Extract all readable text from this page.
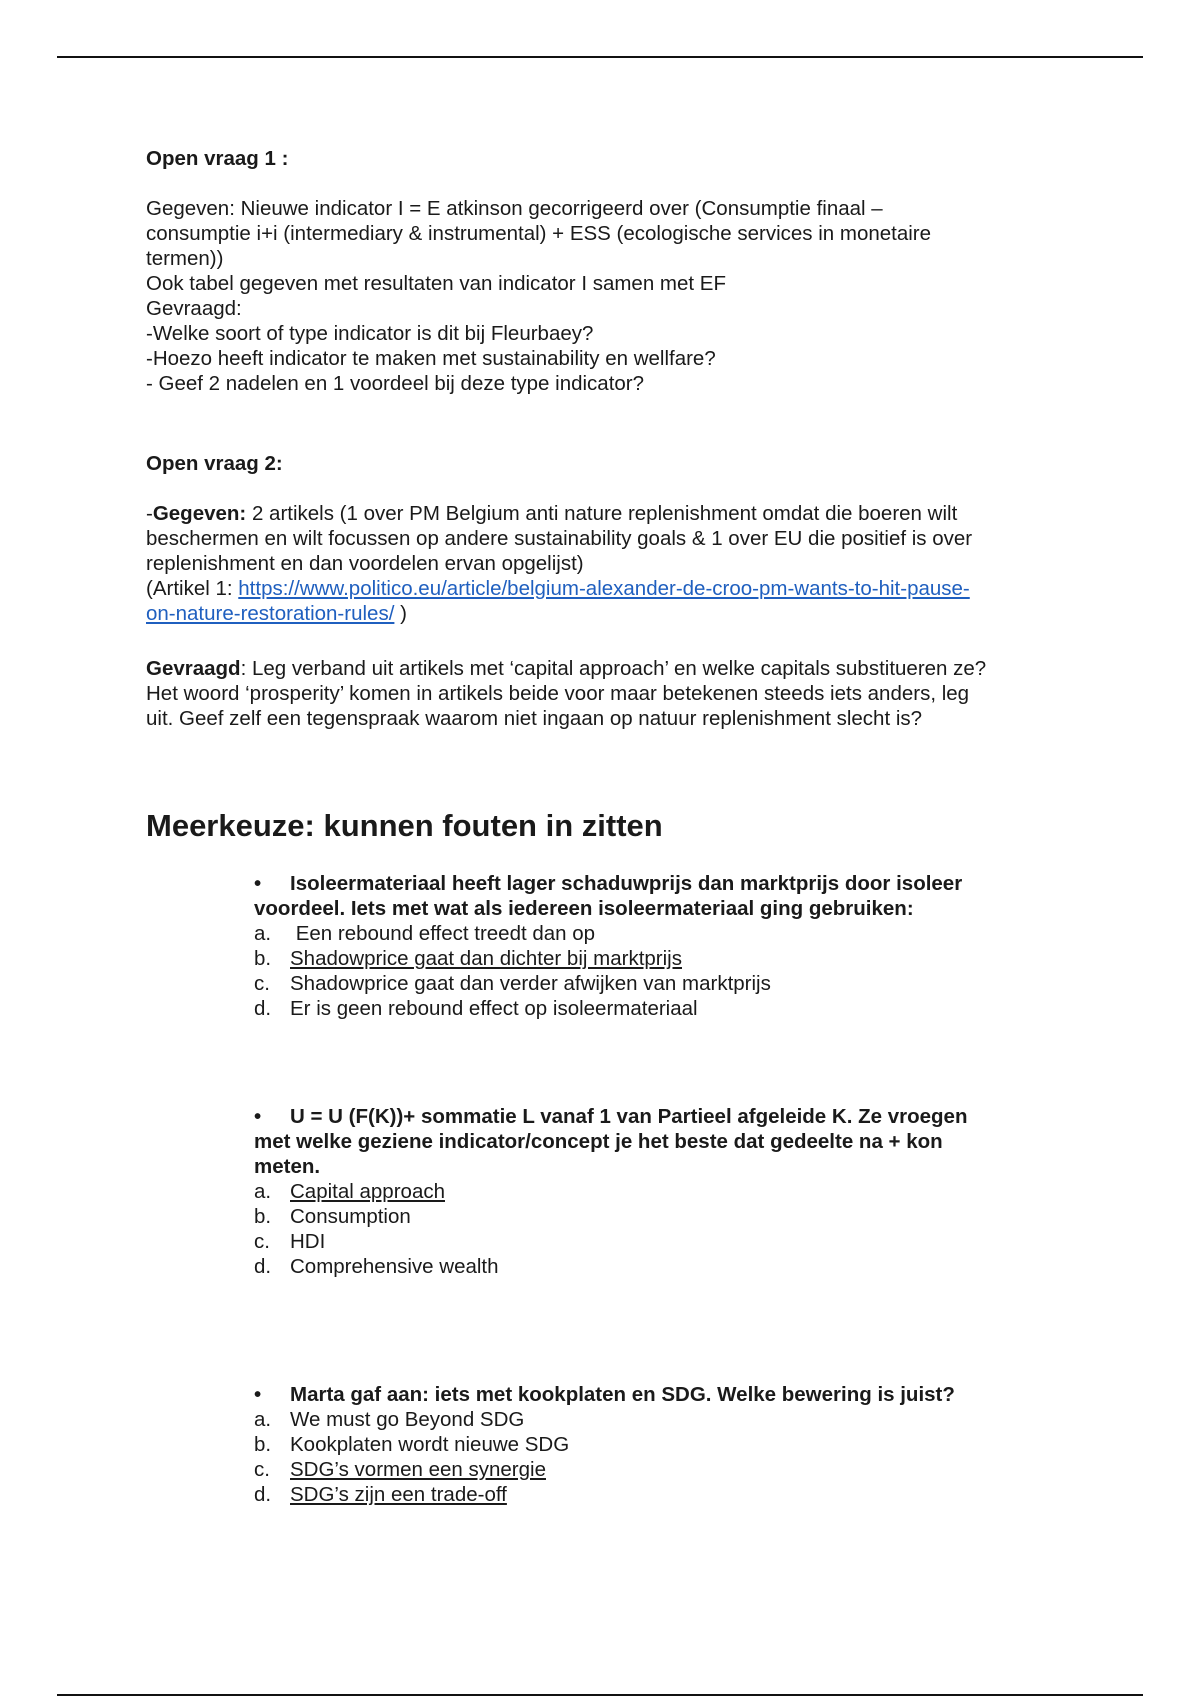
Open vraag 1 :

Gegeven: Nieuwe indicator I = E atkinson gecorrigeerd over (Consumptie finaal –

consumptie i+i (intermediary & instrumental) + ESS (ecologische services in monetaire

termen))

Ook tabel gegeven met resultaten van indicator I samen met EF

Gevraagd:

-Welke soort of type indicator is dit bij Fleurbaey?

-Hoezo heeft indicator te maken met sustainability en wellfare?

- Geef 2 nadelen en 1 voordeel bij deze type indicator?

Open vraag 2:

-Gegeven: 2 artikels (1 over PM Belgium anti nature replenishment omdat die boeren wilt

beschermen en wilt focussen op andere sustainability goals & 1 over EU die positief is over

replenishment en dan voordelen ervan opgelijst)

(Artikel 1: https://www.politico.eu/article/belgium-alexander-de-croo-pm-wants-to-hit-pause-

on-nature-restoration-rules/ )

Gevraagd: Leg verband uit artikels met ‘capital approach’ en welke capitals substitueren ze?

Het woord ‘prosperity’ komen in artikels beide voor maar betekenen steeds iets anders, leg

uit. Geef zelf een tegenspraak waarom niet ingaan op natuur replenishment slecht is?

Meerkeuze: kunnen fouten in zitten

• Isoleermateriaal heeft lager schaduwprijs dan marktprijs door isoleer

voordeel. Iets met wat als iedereen isoleermateriaal ging gebruiken:

a. Een rebound effect treedt dan op
b. Shadowprice gaat dan dichter bij marktprijs
c. Shadowprice gaat dan verder afwijken van marktprijs
d. Er is geen rebound effect op isoleermateriaal

• U = U (F(K))+ sommatie L vanaf 1 van Partieel afgeleide K. Ze vroegen

met welke geziene indicator/concept je het beste dat gedeelte na + kon

meten.

a. Capital approach
b. Consumption
c. HDI
d. Comprehensive wealth

• Marta gaf aan: iets met kookplaten en SDG. Welke bewering is juist?

a. We must go Beyond SDG
b. Kookplaten wordt nieuwe SDG
c. SDG’s vormen een synergie
d. SDG’s zijn een trade-off
